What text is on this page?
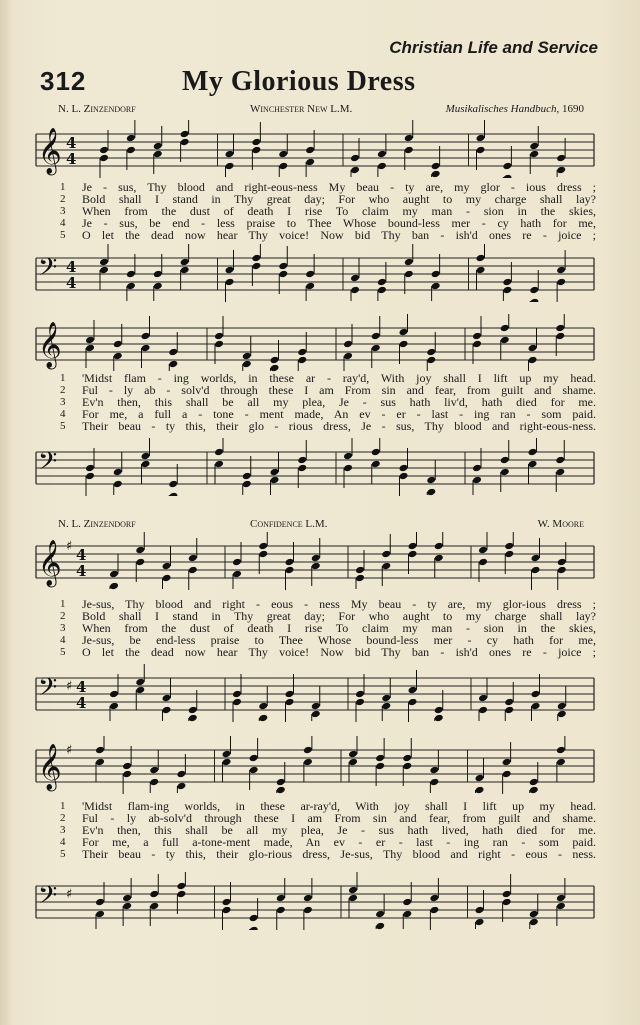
Christian Life and Service
312	My Glorious Dress
N. L. Zinzendorf	Winchester New L.M.	Musikalisches Handbuch, 1690
𝄞 4
4
1	Je - sus, Thy blood and right-eous-ness My beau - ty are, my glor - ious dress ;
2	Bold shall I stand in Thy great day; For who aught to my charge shall lay?
3	When from the dust of death I rise To claim my man - sion in the skies,
4	Je - sus, be end - less praise to Thee Whose bound-less mer - cy hath for me,
5	O let the dead now hear Thy voice! Now bid Thy ban - ish'd ones re - joice ;
𝄢 4
4
𝄞
1	'Midst flam - ing worlds, in these ar - ray'd, With joy shall I lift up my head.
2	Ful - ly ab - solv'd through these I am From sin and fear, from guilt and shame.
3	Ev'n then, this shall be all my plea, Je - sus hath liv'd, hath died for me.
4	For me, a full a - tone - ment made, An ev - er - last - ing ran - som paid.
5	Their beau - ty this, their glo - rious dress, Je - sus, Thy blood and right-eous-ness.
𝄢
N. L. Zinzendorf	Confidence L.M.	W. Moore
𝄞 ♯ 4
4
1	Je-sus, Thy blood and right - eous - ness My beau - ty are, my glor-ious dress ;
2	Bold shall I stand in Thy great day; For who aught to my charge shall lay?
3	When from the dust of death I rise To claim my man - sion in the skies,
4	Je-sus, be end-less praise to Thee Whose bound-less mer - cy hath for me,
5	O let the dead now hear Thy voice! Now bid Thy ban - ish'd ones re - joice ;
𝄢 ♯ 4
4
𝄞 ♯
1	'Midst flam-ing worlds, in these ar-ray'd, With joy shall I lift up my head.
2	Ful - ly ab-solv'd through these I am From sin and fear, from guilt and shame.
3	Ev'n then, this shall be all my plea, Je - sus hath lived, hath died for me.
4	For me, a full a-tone-ment made, An ev - er - last - ing ran - som paid.
5	Their beau - ty this, their glo-rious dress, Je-sus, Thy blood and right - eous - ness.
𝄢 ♯
